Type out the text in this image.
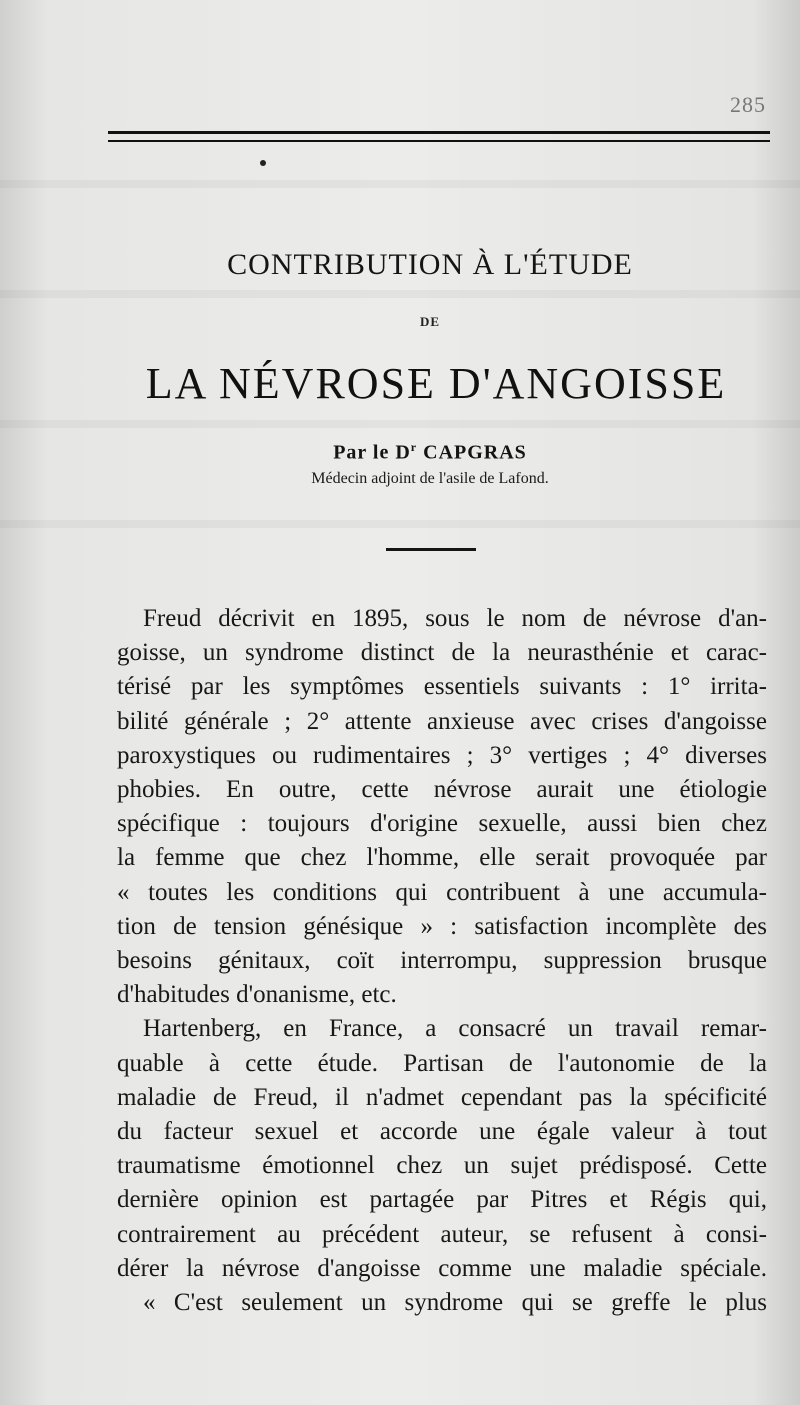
285
CONTRIBUTION À L'ÉTUDE
DE
LA NÉVROSE D'ANGOISSE
Par le $D^r$ CAPGRAS
Médecin adjoint de l'asile de Lafond.
Freud décrivit en 1895, sous le nom de névrose d'an-
goisse, un syndrome distinct de la neurasthénie et carac-
térisé par les symptômes essentiels suivants : 1° irrita-
bilité générale ; 2° attente anxieuse avec crises d'angoisse
paroxystiques ou rudimentaires ; 3° vertiges ; 4° diverses
phobies. En outre, cette névrose aurait une étiologie
spécifique : toujours d'origine sexuelle, aussi bien chez
la femme que chez l'homme, elle serait provoquée par
« toutes les conditions qui contribuent à une accumula-
tion de tension génésique » : satisfaction incomplète des
besoins génitaux, coït interrompu, suppression brusque
d'habitudes d'onanisme, etc.
Hartenberg, en France, a consacré un travail remar-
quable à cette étude. Partisan de l'autonomie de la
maladie de Freud, il n'admet cependant pas la spécificité
du facteur sexuel et accorde une égale valeur à tout
traumatisme émotionnel chez un sujet prédisposé. Cette
dernière opinion est partagée par Pitres et Régis qui,
contrairement au précédent auteur, se refusent à consi-
dérer la névrose d'angoisse comme une maladie spéciale.
« C'est seulement un syndrome qui se greffe le plus
